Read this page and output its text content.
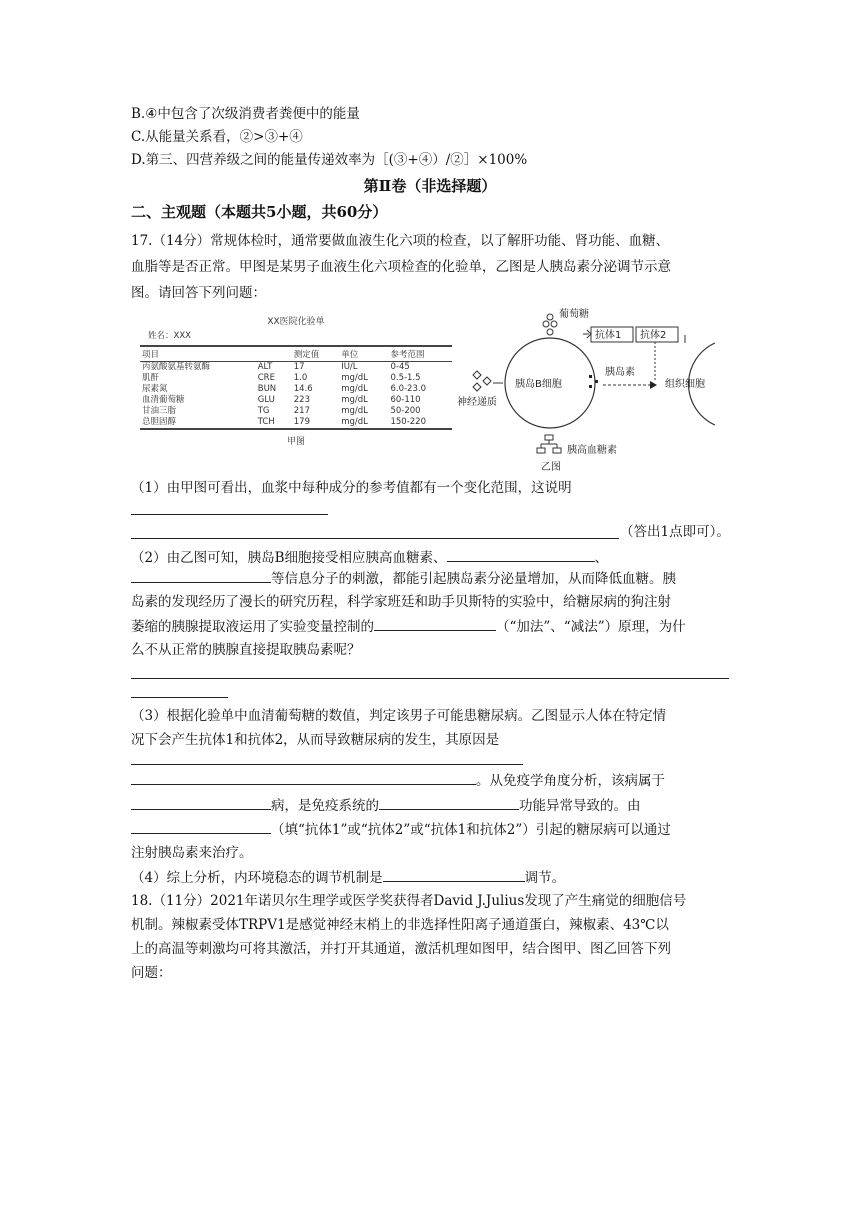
B.④中包含了次级消费者粪便中的能量
C.从能量关系看，②>③+④
D.第三、四营养级之间的能量传递效率为［(③+④）/②］×100%
第Ⅱ卷（非选择题）
二、主观题（本题共5小题，共60分）
17.（14分）常规体检时，通常要做血液生化六项的检查，以了解肝功能、肾功能、血糖、
血脂等是否正常。甲图是某男子血液生化六项检查的化验单，乙图是人胰岛素分泌调节示意
图。请回答下列问题：
XX医院化验单
姓名：XXX
项目		测定值	单位	参考范围
丙氨酸氨基转氨酶	ALT	17	IU/L	0-45
肌酐	CRE	1.0	mg/dL	0.5-1.5
尿素氮	BUN	14.6	mg/dL	6.0-23.0
血清葡萄糖	GLU	223	mg/dL	60-110
甘油三脂	TG	217	mg/dL	50-200
总胆固醇	TCH	179	mg/dL	150-220
甲图
葡萄糖
抗体1 抗体2
胰岛B细胞
胰岛素
组织细胞
神经递质
胰高血糖素
乙图
（1）由甲图可看出，血浆中每种成分的参考值都有一个变化范围，这说明
（答出1点即可）。
（2）由乙图可知，胰岛B细胞接受相应胰高血糖素、	、
等信息分子的刺激，都能引起胰岛素分泌量增加，从而降低血糖。胰
岛素的发现经历了漫长的研究历程，科学家班廷和助手贝斯特的实验中，给糖尿病的狗注射
萎缩的胰腺提取液运用了实验变量控制的	（“加法”、“减法”）原理，为什
么不从正常的胰腺直接提取胰岛素呢？
（3）根据化验单中血清葡萄糖的数值，判定该男子可能患糖尿病。乙图显示人体在特定情
况下会产生抗体1和抗体2，从而导致糖尿病的发生，其原因是
。从免疫学角度分析，该病属于
病，是免疫系统的	功能异常导致的。由
（填“抗体1”或“抗体2”或“抗体1和抗体2”）引起的糖尿病可以通过
注射胰岛素来治疗。
（4）综上分析，内环境稳态的调节机制是	调节。
18.（11分）2021年诺贝尔生理学或医学奖获得者David J.Julius发现了产生痛觉的细胞信号
机制。辣椒素受体TRPV1是感觉神经末梢上的非选择性阳离子通道蛋白，辣椒素、43℃以
上的高温等刺激均可将其激活，并打开其通道，激活机理如图甲，结合图甲、图乙回答下列
问题：
